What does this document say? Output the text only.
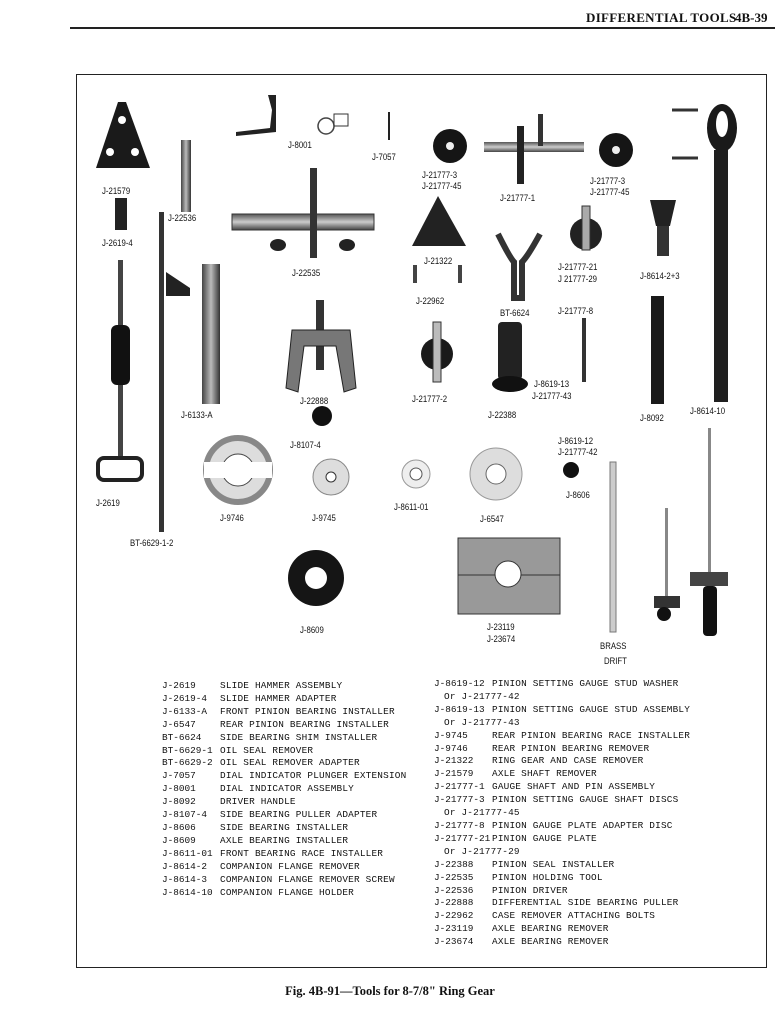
DIFFERENTIAL TOOLS
4B-39
J-21579
J-2619-4
J-22536
J-8001
J-7057
J-21777-3
J-21777-45
J-21777-1
J-21777-3
J-21777-45
J-22535
J-21322
J-22962
BT-6624
J-21777-21
J 21777-29
J-21777-8
J-8614-2+3
J-6133-A
J-22888	J-21777-2
J-22388
J-8619-13
J-21777-43
J-8092
J-8614-10
J-8107-4	J-8619-12
J-21777-42
J-2619
J-9746	J-9745
J-8611-01
J-6547
J-8606
BT-6629-1-2
J-8609	J-23119
J-23674
BRASS
DRIFT
J-2619	SLIDE HAMMER ASSEMBLY
J-2619-4	SLIDE HAMMER ADAPTER
J-6133-A	FRONT PINION BEARING INSTALLER
J-6547	REAR PINION BEARING INSTALLER
BT-6624	SIDE BEARING SHIM INSTALLER
BT-6629-1 OIL SEAL REMOVER
BT-6629-2 OIL SEAL REMOVER ADAPTER
J-7057	DIAL INDICATOR PLUNGER EXTENSION
J-8001	DIAL INDICATOR ASSEMBLY
J-8092	DRIVER HANDLE
J-8107-4	SIDE BEARING PULLER ADAPTER
J-8606	SIDE BEARING INSTALLER
J-8609	AXLE BEARING INSTALLER
J-8611-01 FRONT BEARING RACE INSTALLER
J-8614-2	COMPANION FLANGE REMOVER
J-8614-3	COMPANION FLANGE REMOVER SCREW
J-8614-10 COMPANION FLANGE HOLDER
J-8619-12 PINION SETTING GAUGE STUD WASHER
Or J-21777-42
J-8619-13 PINION SETTING GAUGE STUD ASSEMBLY
Or J-21777-43
J-9745	REAR PINION BEARING RACE INSTALLER
J-9746	REAR PINION BEARING REMOVER
J-21322	RING GEAR AND CASE REMOVER
J-21579	AXLE SHAFT REMOVER
J-21777-1 GAUGE SHAFT AND PIN ASSEMBLY
J-21777-3 PINION SETTING GAUGE SHAFT DISCS
Or J-21777-45
J-21777-8 PINION GAUGE PLATE ADAPTER DISC
J-21777-21 PINION GAUGE PLATE
Or J-21777-29
J-22388	PINION SEAL INSTALLER
J-22535	PINION HOLDING TOOL
J-22536	PINION DRIVER
J-22888	DIFFERENTIAL SIDE BEARING PULLER
J-22962	CASE REMOVER ATTACHING BOLTS
J-23119	AXLE BEARING REMOVER
J-23674	AXLE BEARING REMOVER
Fig. 4B-91—Tools for 8-7/8" Ring Gear
